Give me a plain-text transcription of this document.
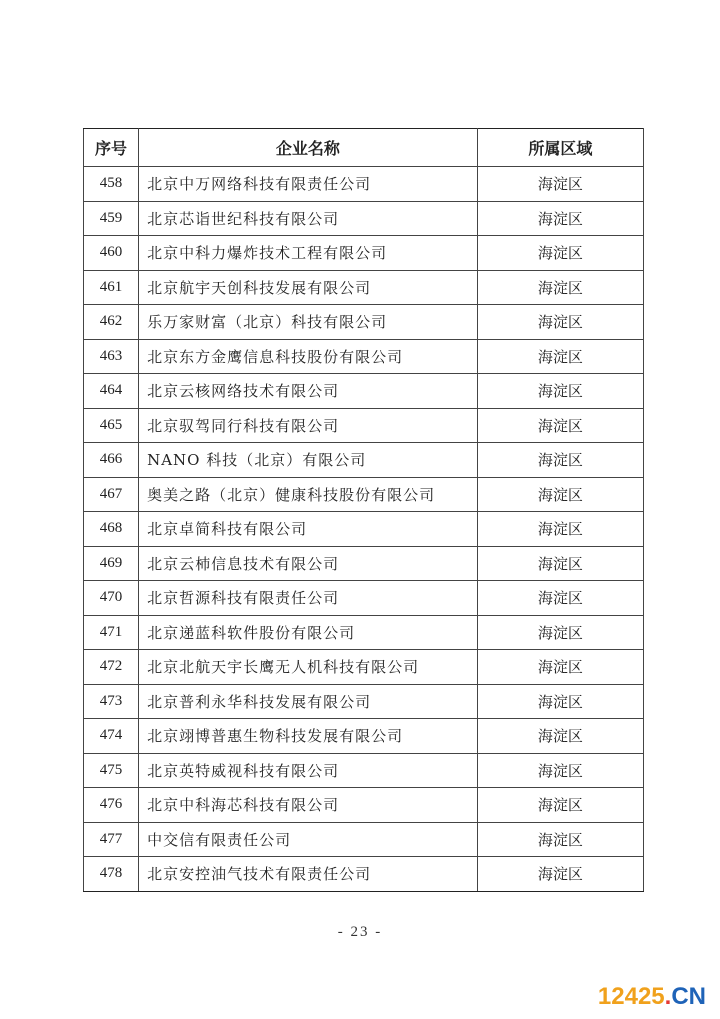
序号	企业名称	所属区域
458	北京中万网络科技有限责任公司	海淀区
459	北京芯诣世纪科技有限公司	海淀区
460	北京中科力爆炸技术工程有限公司	海淀区
461	北京航宇天创科技发展有限公司	海淀区
462	乐万家财富（北京）科技有限公司	海淀区
463	北京东方金鹰信息科技股份有限公司	海淀区
464	北京云核网络技术有限公司	海淀区
465	北京驭驾同行科技有限公司	海淀区
466	NANO 科技（北京）有限公司	海淀区
467	奥美之路（北京）健康科技股份有限公司	海淀区
468	北京卓简科技有限公司	海淀区
469	北京云杮信息技术有限公司	海淀区
470	北京哲源科技有限责任公司	海淀区
471	北京递蓝科软件股份有限公司	海淀区
472	北京北航天宇长鹰无人机科技有限公司	海淀区
473	北京普利永华科技发展有限公司	海淀区
474	北京翊博普惠生物科技发展有限公司	海淀区
475	北京英特威视科技有限公司	海淀区
476	北京中科海芯科技有限公司	海淀区
477	中交信有限责任公司	海淀区
478	北京安控油气技术有限责任公司	海淀区
- 23 -
12425.CN
